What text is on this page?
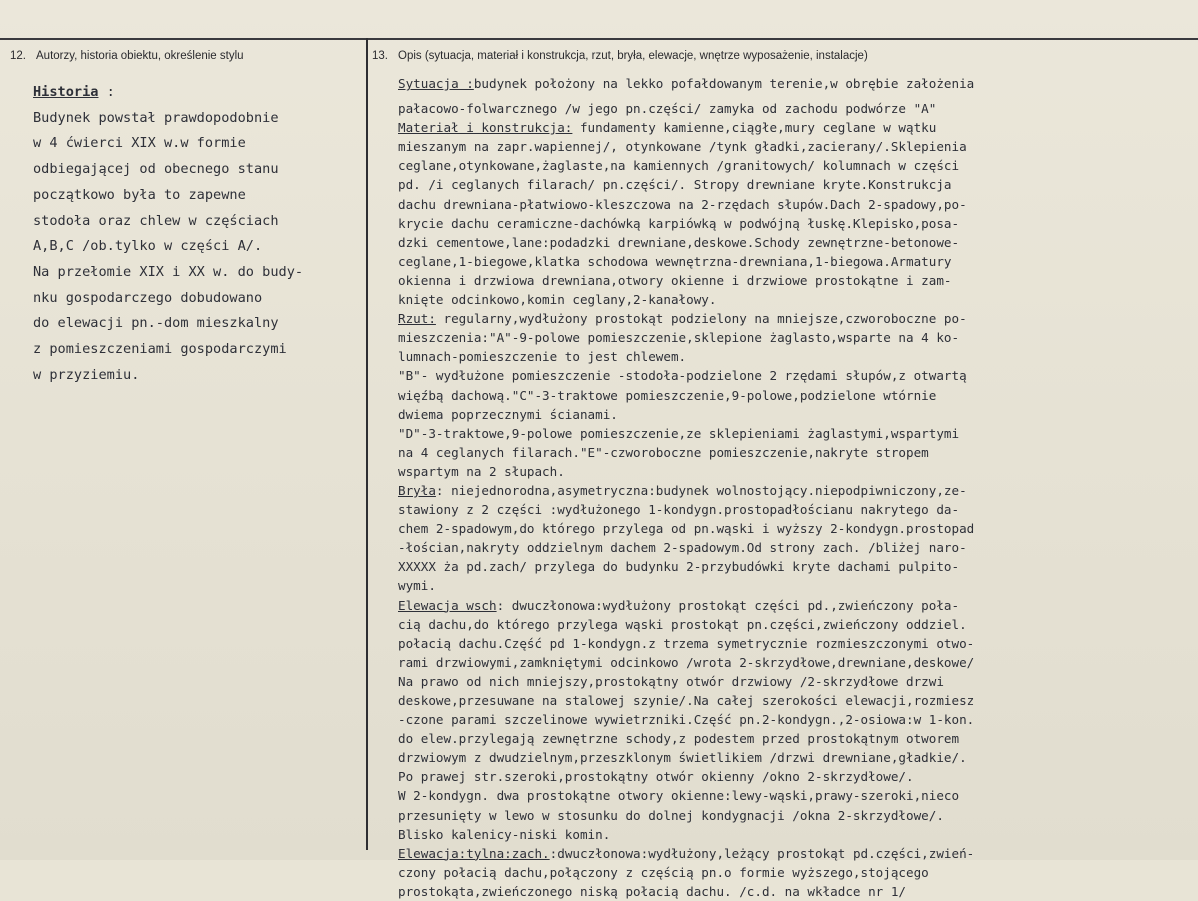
12. Autorzy, historia obiektu, określenie stylu	13. Opis (sytuacja, materiał i konstrukcja, rzut, bryła, elewacje, wnętrze wyposażenie, instalacje)
Historia :
Budynek powstał prawdopodobnie
w 4 ćwierci XIX w.w formie
odbiegającej od obecnego stanu
początkowo była to zapewne
stodoła oraz chlew w częściach
A,B,C /ob.tylko w części A/.
Na przełomie XIX i XX w. do budy-
nku gospodarczego dobudowano
do elewacji pn.-dom mieszkalny
z pomieszczeniami gospodarczymi
w przyziemiu.
Sytuacja :budynek położony na lekko pofałdowanym terenie,w obrębie założenia
pałacowo-folwarcznego /w jego pn.części/ zamyka od zachodu podwórze "A"
Materiał i konstrukcja: fundamenty kamienne,ciągłe,mury ceglane w wątku
mieszanym na zapr.wapiennej/, otynkowane /tynk gładki,zacierany/.Sklepienia
ceglane,otynkowane,żaglaste,na kamiennych /granitowych/ kolumnach w części
pd. /i ceglanych filarach/ pn.części/. Stropy drewniane kryte.Konstrukcja
dachu drewniana-płatwiowo-kleszczowa na 2-rzędach słupów.Dach 2-spadowy,po-
krycie dachu ceramiczne-dachówką karpiówką w podwójną łuskę.Klepisko,posa-
dzki cementowe,lane:podadzki drewniane,deskowe.Schody zewnętrzne-betonowe-
ceglane,1-biegowe,klatka schodowa wewnętrzna-drewniana,1-biegowa.Armatury
okienna i drzwiowa drewniana,otwory okienne i drzwiowe prostokątne i zam-
knięte odcinkowo,komin ceglany,2-kanałowy.
Rzut: regularny,wydłużony prostokąt podzielony na mniejsze,czworoboczne po-
mieszczenia:"A"-9-polowe pomieszczenie,sklepione żaglasto,wsparte na 4 ko-
lumnach-pomieszczenie to jest chlewem.
"B"- wydłużone pomieszczenie -stodoła-podzielone 2 rzędami słupów,z otwartą
więźbą dachową."C"-3-traktowe pomieszczenie,9-polowe,podzielone wtórnie
dwiema poprzecznymi ścianami.
"D"-3-traktowe,9-polowe pomieszczenie,ze sklepieniami żaglastymi,wspartymi
na 4 ceglanych filarach."E"-czworoboczne pomieszczenie,nakryte stropem
wspartym na 2 słupach.
Bryła: niejednorodna,asymetryczna:budynek wolnostojący.niepodpiwniczony,ze-
stawiony z 2 części :wydłużonego 1-kondygn.prostopadłościanu nakrytego da-
chem 2-spadowym,do którego przylega od pn.wąski i wyższy 2-kondygn.prostopad
-łościan,nakryty oddzielnym dachem 2-spadowym.Od strony zach. /bliżej naro-
XXXXX ża pd.zach/ przylega do budynku 2-przybudówki kryte dachami pulpito-
wymi.
Elewacja wsch: dwuczłonowa:wydłużony prostokąt części pd.,zwieńczony poła-
cią dachu,do którego przylega wąski prostokąt pn.części,zwieńczony oddziel.
połacią dachu.Część pd 1-kondygn.z trzema symetrycznie rozmieszczonymi otwo-
rami drzwiowymi,zamkniętymi odcinkowo /wrota 2-skrzydłowe,drewniane,deskowe/
Na prawo od nich mniejszy,prostokątny otwór drzwiowy /2-skrzydłowe drzwi
deskowe,przesuwane na stalowej szynie/.Na całej szerokości elewacji,rozmiesz
-czone parami szczelinowe wywietrzniki.Część pn.2-kondygn.,2-osiowa:w 1-kon.
do elew.przylegają zewnętrzne schody,z podestem przed prostokątnym otworem
drzwiowym z dwudzielnym,przeszklonym świetlikiem /drzwi drewniane,gładkie/.
Po prawej str.szeroki,prostokątny otwór okienny /okno 2-skrzydłowe/.
W 2-kondygn. dwa prostokątne otwory okienne:lewy-wąski,prawy-szeroki,nieco
przesunięty w lewo w stosunku do dolnej kondygnacji /okna 2-skrzydłowe/.
Blisko kalenicy-niski komin.
Elewacja:tylna:zach.:dwuczłonowa:wydłużony,leżący prostokąt pd.części,zwień-
czony połacią dachu,połączony z częścią pn.o formie wyższego,stojącego
prostokąta,zwieńczonego niską połacią dachu. /c.d. na wkładce nr 1/
